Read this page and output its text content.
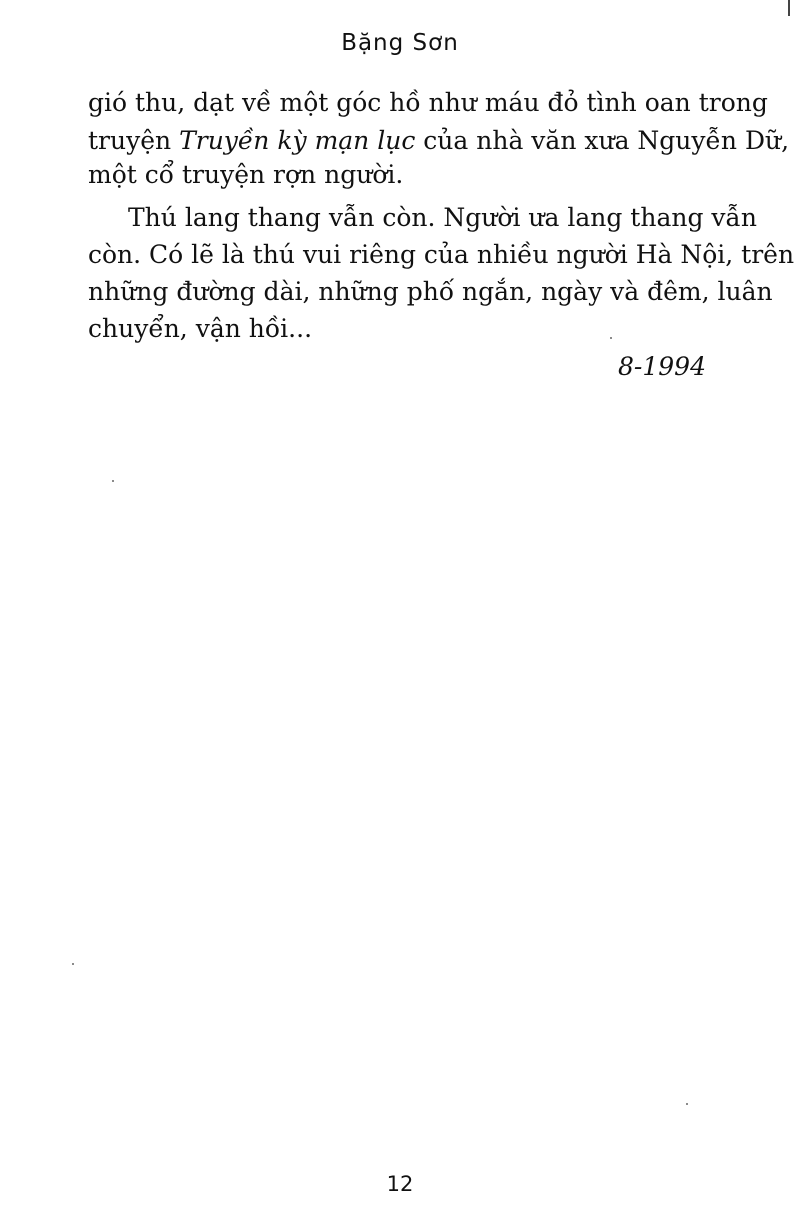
Bặng Sơn
gió thu, dạt về một góc hồ như máu đỏ tình oan trong
truyện Truyền kỳ mạn lục của nhà văn xưa Nguyễn Dữ,
một cổ truyện rợn người.
Thú lang thang vẫn còn. Người ưa lang thang vẫn
còn. Có lẽ là thú vui riêng của nhiều người Hà Nội, trên
những đường dài, những phố ngắn, ngày và đêm, luân
chuyển, vận hồi...
8-1994
12
